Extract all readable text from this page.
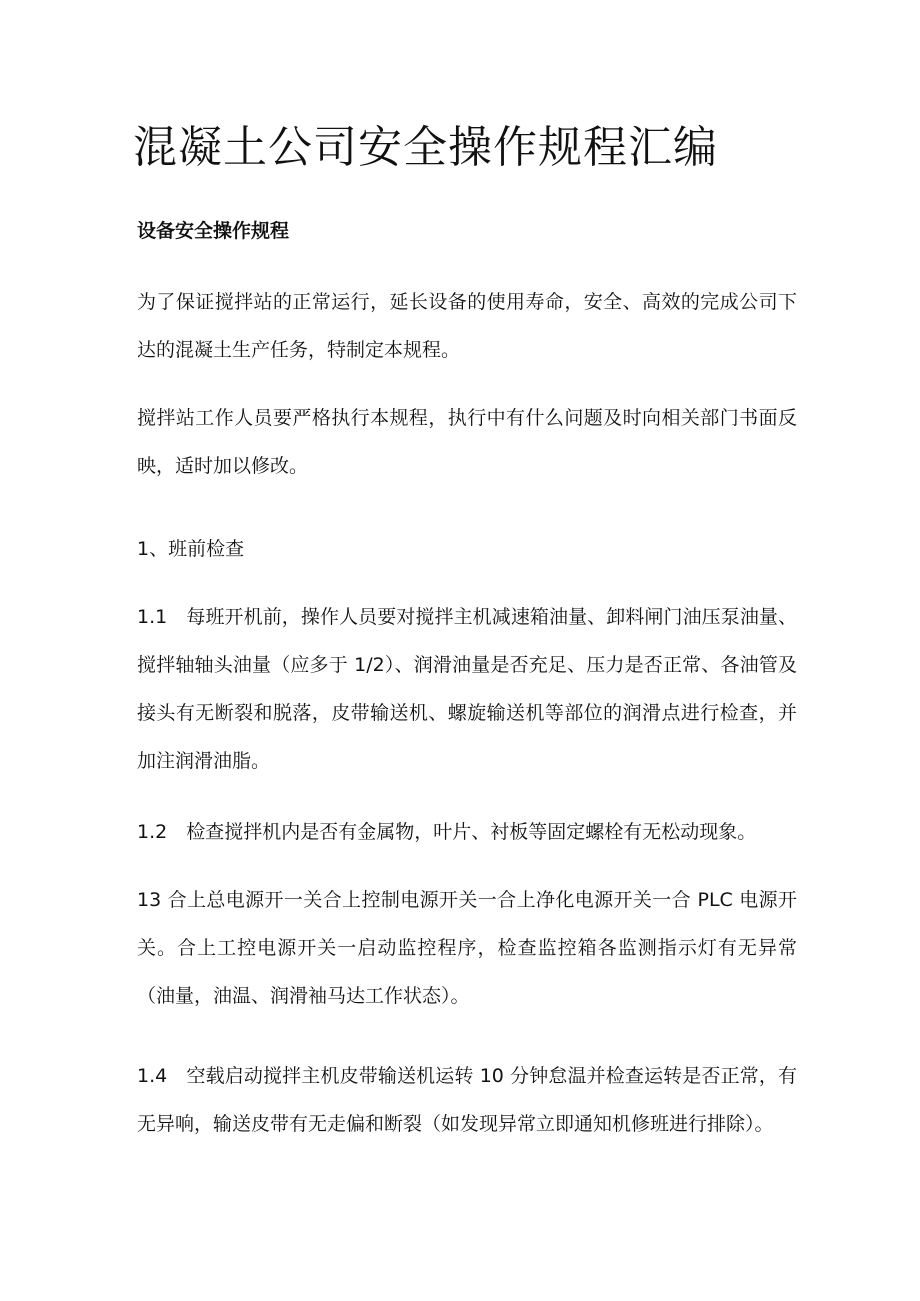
混凝土公司安全操作规程汇编
设备安全操作规程

为了保证搅拌站的正常运行，延长设备的使用寿命，安全、高效的完成公司下达的混凝土生产任务，特制定本规程。

搅拌站工作人员要严格执行本规程，执行中有什么问题及时向相关部门书面反映，适时加以修改。

1、班前检查

1.1　每班开机前，操作人员要对搅拌主机减速箱油量、卸料闸门油压泵油量、搅拌轴轴头油量（应多于 1/2）、润滑油量是否充足、压力是否正常、各油管及接头有无断裂和脱落，皮带输送机、螺旋输送机等部位的润滑点进行检查，并加注润滑油脂。

1.2　检查搅拌机内是否有金属物，叶片、衬板等固定螺栓有无松动现象。

13 合上总电源开一关合上控制电源开关一合上净化电源开关一合 PLC 电源开关。合上工控电源开关一启动监控程序，检查监控箱各监测指示灯有无异常（油量，油温、润滑袖马达工作状态）。

1.4　空载启动搅拌主机皮带输送机运转 10 分钟怠温并检查运转是否正常，有无异响，输送皮带有无走偏和断裂（如发现异常立即通知机修班进行排除）。
